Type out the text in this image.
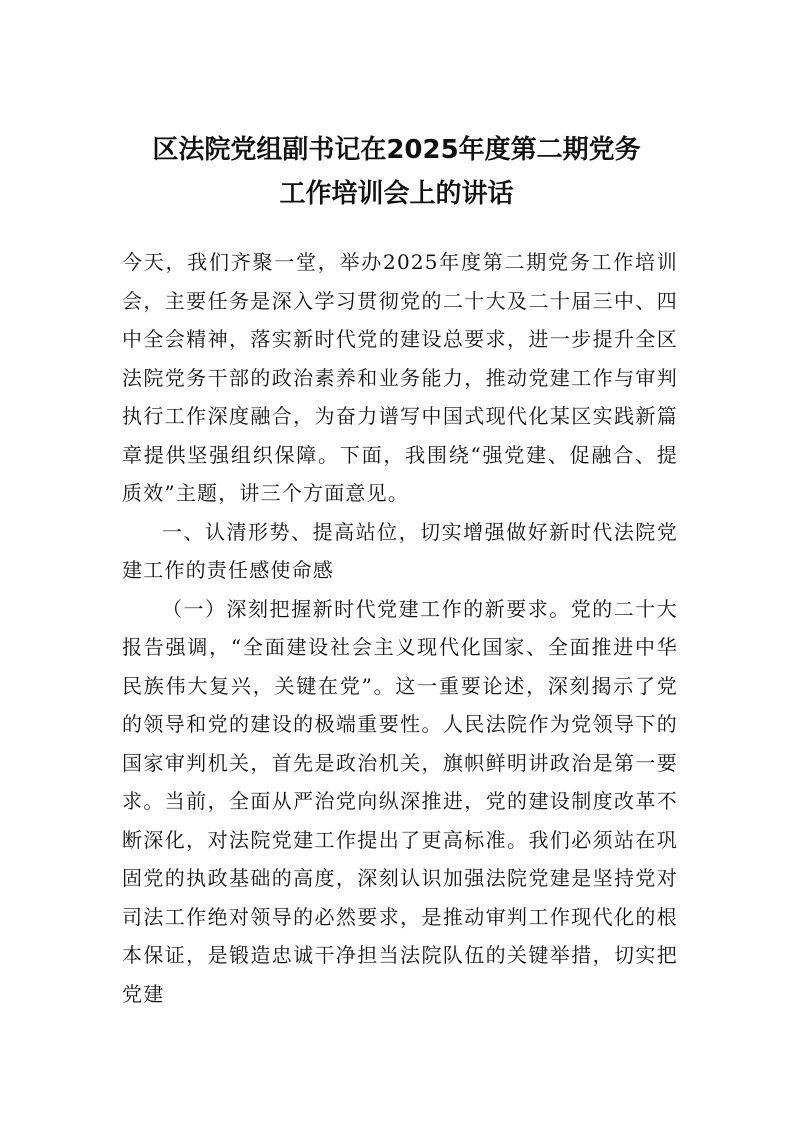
区法院党组副书记在2025年度第二期党务
工作培训会上的讲话

今天，我们齐聚一堂，举办2025年度第二期党务工作培训会，主要任务是深入学习贯彻党的二十大及二十届三中、四中全会精神，落实新时代党的建设总要求，进一步提升全区法院党务干部的政治素养和业务能力，推动党建工作与审判执行工作深度融合，为奋力谱写中国式现代化某区实践新篇章提供坚强组织保障。下面，我围绕“强党建、促融合、提质效”主题，讲三个方面意见。

一、认清形势、提高站位，切实增强做好新时代法院党建工作的责任感使命感

（一）深刻把握新时代党建工作的新要求。党的二十大报告强调，“全面建设社会主义现代化国家、全面推进中华民族伟大复兴，关键在党”。这一重要论述，深刻揭示了党的领导和党的建设的极端重要性。人民法院作为党领导下的国家审判机关，首先是政治机关，旗帜鲜明讲政治是第一要求。当前，全面从严治党向纵深推进，党的建设制度改革不断深化，对法院党建工作提出了更高标准。我们必须站在巩固党的执政基础的高度，深刻认识加强法院党建是坚持党对司法工作绝对领导的必然要求，是推动审判工作现代化的根本保证，是锻造忠诚干净担当法院队伍的关键举措，切实把党建
